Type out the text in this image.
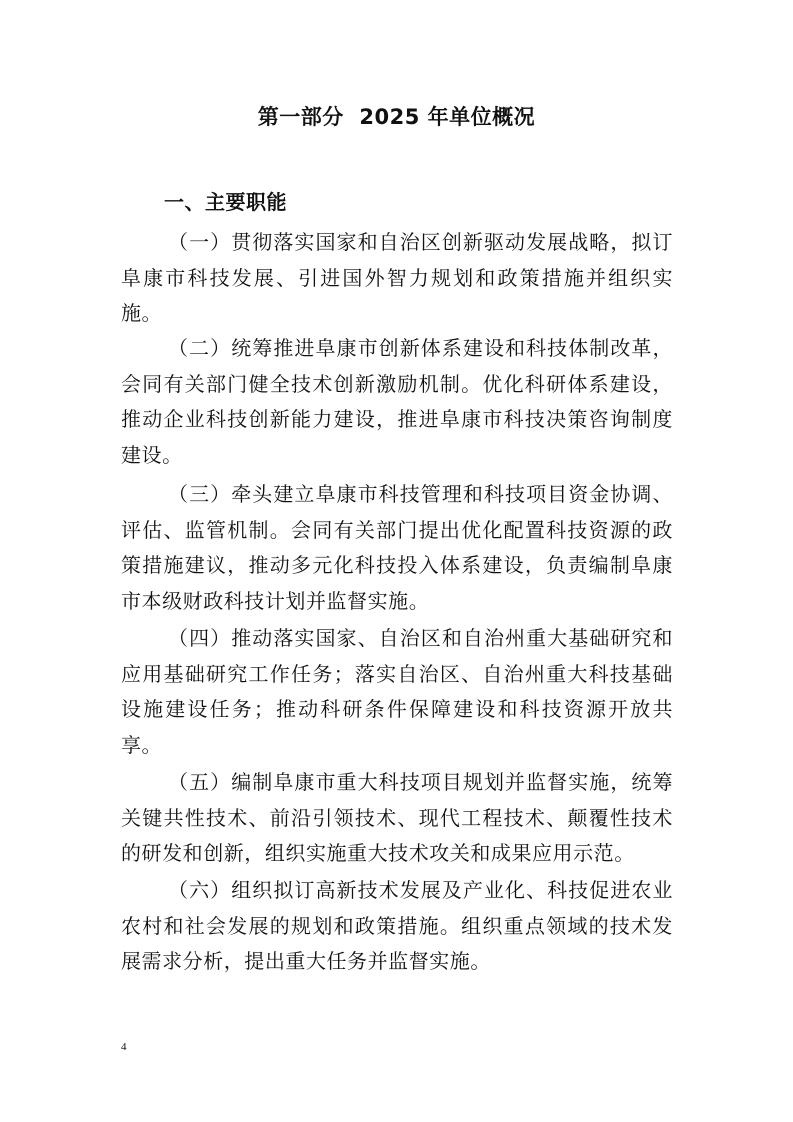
第一部分  2025 年单位概况
一、主要职能

（一）贯彻落实国家和自治区创新驱动发展战略，拟订阜康市科技发展、引进国外智力规划和政策措施并组织实施。

（二）统筹推进阜康市创新体系建设和科技体制改革，会同有关部门健全技术创新激励机制。优化科研体系建设，推动企业科技创新能力建设，推进阜康市科技决策咨询制度建设。

（三）牵头建立阜康市科技管理和科技项目资金协调、评估、监管机制。会同有关部门提出优化配置科技资源的政策措施建议，推动多元化科技投入体系建设，负责编制阜康市本级财政科技计划并监督实施。

（四）推动落实国家、自治区和自治州重大基础研究和应用基础研究工作任务；落实自治区、自治州重大科技基础设施建设任务；推动科研条件保障建设和科技资源开放共享。

（五）编制阜康市重大科技项目规划并监督实施，统筹关键共性技术、前沿引领技术、现代工程技术、颠覆性技术的研发和创新，组织实施重大技术攻关和成果应用示范。

（六）组织拟订高新技术发展及产业化、科技促进农业农村和社会发展的规划和政策措施。组织重点领域的技术发展需求分析，提出重大任务并监督实施。

4
